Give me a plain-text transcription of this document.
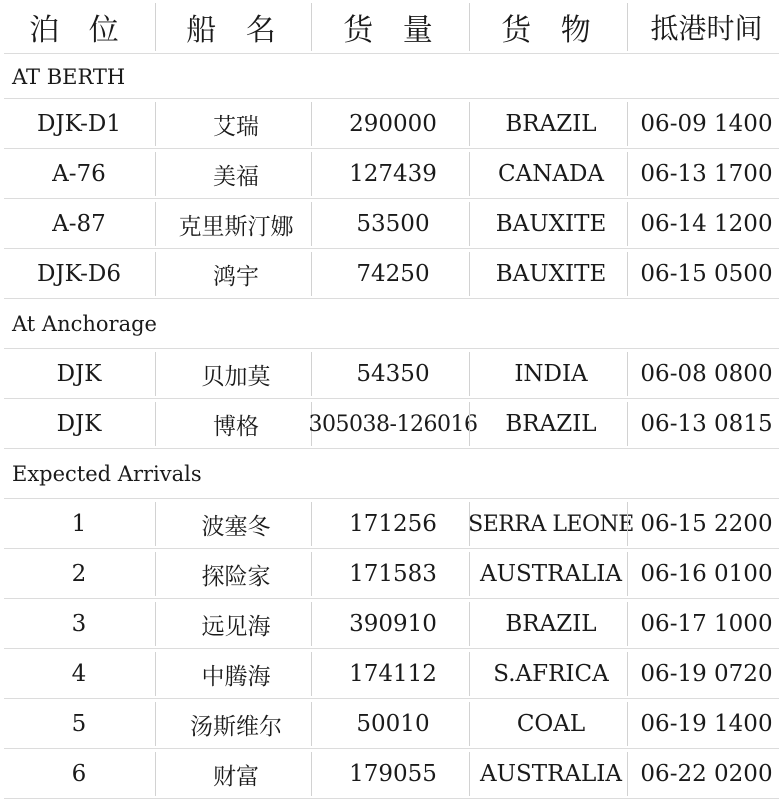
泊 位	船 名	货 量	货 物	抵港时间
AT BERTH
DJK-D1	艾瑞	290000	BRAZIL	06-09 1400
A-76	美福	127439	CANADA	06-13 1700
A-87	克里斯汀娜	53500	BAUXITE	06-14 1200
DJK-D6	鸿宇	74250	BAUXITE	06-15 0500
At Anchorage
DJK	贝加莫	54350	INDIA	06-08 0800
DJK	博格	305038-126016	BRAZIL	06-13 0815
Expected Arrivals
1	波塞冬	171256	SERRA LEONE 06-15 2200
2	探险家	171583	AUSTRALIA 06-16 0100
3	远见海	390910	BRAZIL	06-17 1000
4	中腾海	174112	S.AFRICA	06-19 0720
5	汤斯维尔	50010	COAL	06-19 1400
6	财富	179055	AUSTRALIA 06-22 0200
